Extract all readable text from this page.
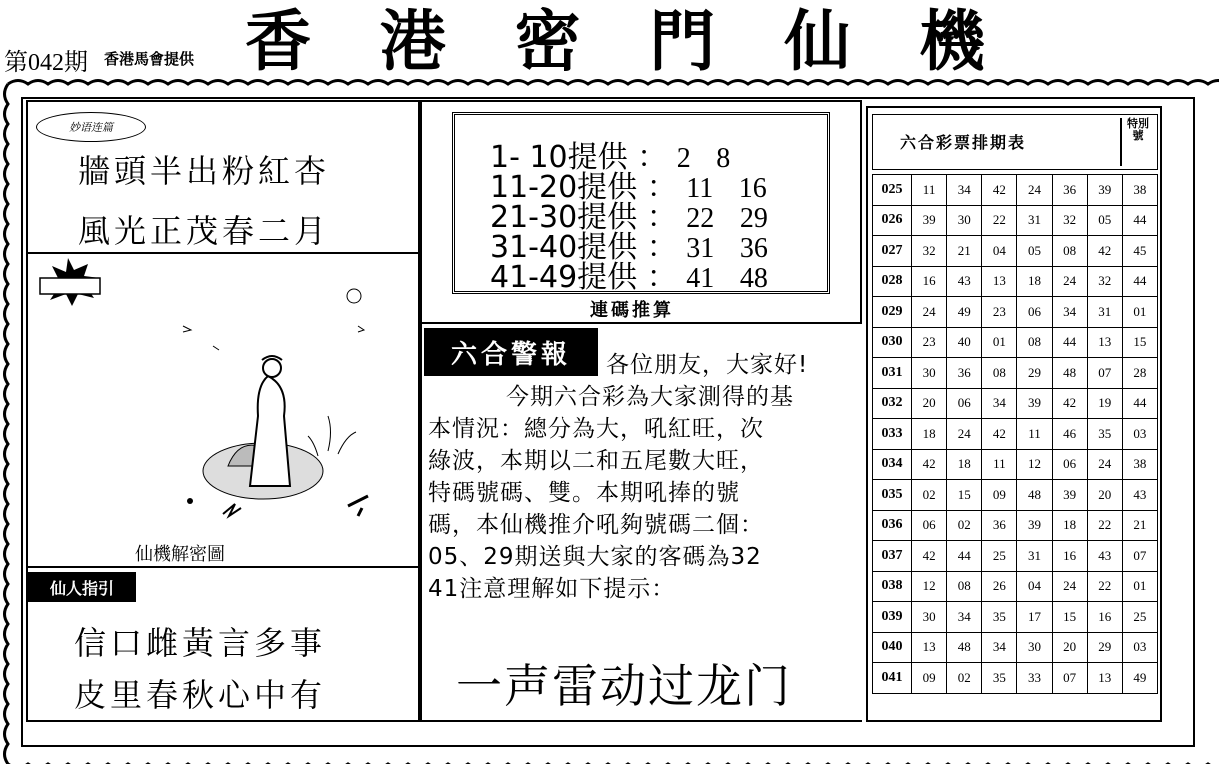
第042期 香港馬會提供 香 港 密 門 仙 機
妙语连篇
牆頭半出粉紅杏
風光正茂春二月
仙機解密圖
仙人指引
信口雌黃言多事
皮里春秋心中有
1- 10提供 ： 2 8
11-20提供 ： 11 16
21-30提供 ： 22 29
31-40提供 ： 31 36
41-49提供 ： 41 48
連碼推算
六合警報	各位朋友，大家好!
今期六合彩為大家測得的基
本情況：總分為大，吼紅旺，次
綠波，本期以二和五尾數大旺，
特碼號碼、雙。本期吼捧的號
碼，本仙機推介吼夠號碼二個：
05、29期送與大家的客碼為32
41注意理解如下提示：
一声雷动过龙门
六合彩票排期表
特別號
025	11	34	42	24	36	39	38
026	39	30	22	31	32	05	44
027	32	21	04	05	08	42	45
028	16	43	13	18	24	32	44
029	24	49	23	06	34	31	01
030	23	40	01	08	44	13	15
031	30	36	08	29	48	07	28
032	20	06	34	39	42	19	44
033	18	24	42	11	46	35	03
034	42	18	11	12	06	24	38
035	02	15	09	48	39	20	43
036	06	02	36	39	18	22	21
037	42	44	25	31	16	43	07
038	12	08	26	04	24	22	01
039	30	34	35	17	15	16	25
040	13	48	34	30	20	29	03
041	09	02	35	33	07	13	49
